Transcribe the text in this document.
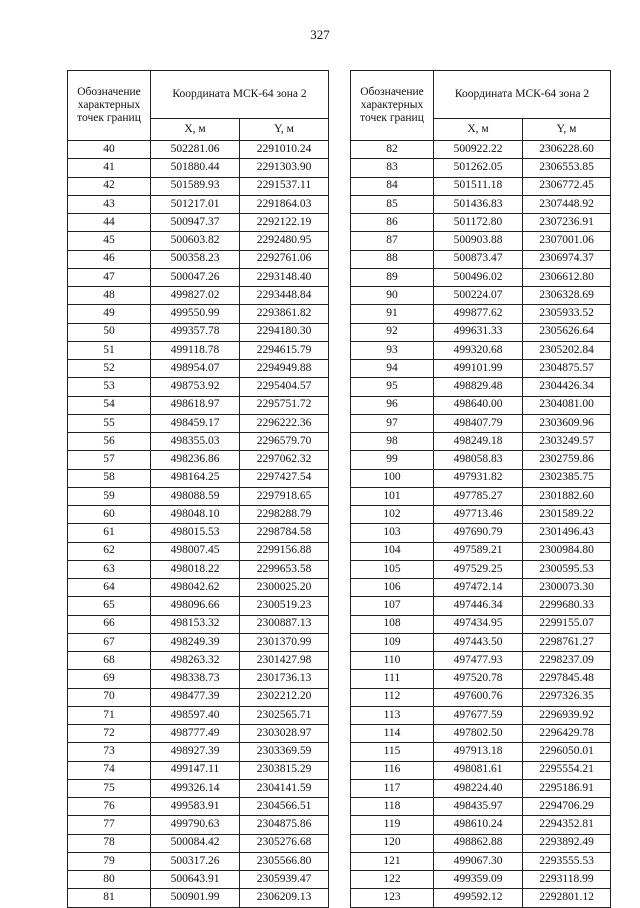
327
Обозначение характерных точек границ	Координата МСК-64 зона 2	
	X, м	Y, м
40	502281.06	2291010.24
41	501880.44	2291303.90
42	501589.93	2291537.11
43	501217.01	2291864.03
44	500947.37	2292122.19
45	500603.82	2292480.95
46	500358.23	2292761.06
47	500047.26	2293148.40
48	499827.02	2293448.84
49	499550.99	2293861.82
50	499357.78	2294180.30
51	499118.78	2294615.79
52	498954.07	2294949.88
53	498753.92	2295404.57
54	498618.97	2295751.72
55	498459.17	2296222.36
56	498355.03	2296579.70
57	498236.86	2297062.32
58	498164.25	2297427.54
59	498088.59	2297918.65
60	498048.10	2298288.79
61	498015.53	2298784.58
62	498007.45	2299156.88
63	498018.22	2299653.58
64	498042.62	2300025.20
65	498096.66	2300519.23
66	498153.32	2300887.13
67	498249.39	2301370.99
68	498263.32	2301427.98
69	498338.73	2301736.13
70	498477.39	2302212.20
71	498597.40	2302565.71
72	498777.49	2303028.97
73	498927.39	2303369.59
74	499147.11	2303815.29
75	499326.14	2304141.59
76	499583.91	2304566.51
77	499790.63	2304875.86
78	500084.42	2305276.68
79	500317.26	2305566.80
80	500643.91	2305939.47
81	500901.99	2306209.13
Обозначение характерных точек границ	Координата МСК-64 зона 2	
	X, м	Y, м
82	500922.22	2306228.60
83	501262.05	2306553.85
84	501511.18	2306772.45
85	501436.83	2307448.92
86	501172.80	2307236.91
87	500903.88	2307001.06
88	500873.47	2306974.37
89	500496.02	2306612.80
90	500224.07	2306328.69
91	499877.62	2305933.52
92	499631.33	2305626.64
93	499320.68	2305202.84
94	499101.99	2304875.57
95	498829.48	2304426.34
96	498640.00	2304081.00
97	498407.79	2303609.96
98	498249.18	2303249.57
99	498058.83	2302759.86
100	497931.82	2302385.75
101	497785.27	2301882.60
102	497713.46	2301589.22
103	497690.79	2301496.43
104	497589.21	2300984.80
105	497529.25	2300595.53
106	497472.14	2300073.30
107	497446.34	2299680.33
108	497434.95	2299155.07
109	497443.50	2298761.27
110	497477.93	2298237.09
111	497520.78	2297845.48
112	497600.76	2297326.35
113	497677.59	2296939.92
114	497802.50	2296429.78
115	497913.18	2296050.01
116	498081.61	2295554.21
117	498224.40	2295186.91
118	498435.97	2294706.29
119	498610.24	2294352.81
120	498862.88	2293892.49
121	499067.30	2293555.53
122	499359.09	2293118.99
123	499592.12	2292801.12
